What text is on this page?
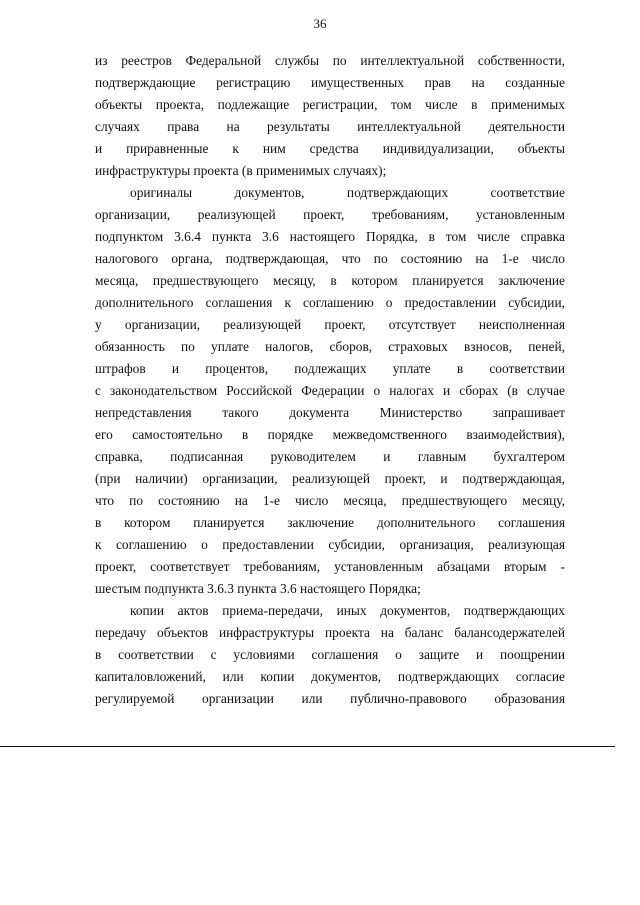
36
из реестров Федеральной службы по интеллектуальной собственности,
подтверждающие регистрацию имущественных прав на созданные
объекты проекта, подлежащие регистрации, том числе в применимых
случаях права на результаты интеллектуальной деятельности
и приравненные к ним средства индивидуализации, объекты
инфраструктуры проекта (в применимых случаях);
оригиналы документов, подтверждающих соответствие
организации, реализующей проект, требованиям, установленным
подпунктом 3.6.4 пункта 3.6 настоящего Порядка, в том числе справка
налогового органа, подтверждающая, что по состоянию на 1-е число
месяца, предшествующего месяцу, в котором планируется заключение
дополнительного соглашения к соглашению о предоставлении субсидии,
у организации, реализующей проект, отсутствует неисполненная
обязанность по уплате налогов, сборов, страховых взносов, пеней,
штрафов и процентов, подлежащих уплате в соответствии
с законодательством Российской Федерации о налогах и сборах (в случае
непредставления такого документа Министерство запрашивает
его самостоятельно в порядке межведомственного взаимодействия),
справка, подписанная руководителем и главным бухгалтером
(при наличии) организации, реализующей проект, и подтверждающая,
что по состоянию на 1-е число месяца, предшествующего месяцу,
в котором планируется заключение дополнительного соглашения
к соглашению о предоставлении субсидии, организация, реализующая
проект, соответствует требованиям, установленным абзацами вторым -
шестым подпункта 3.6.3 пункта 3.6 настоящего Порядка;
копии актов приема-передачи, иных документов, подтверждающих
передачу объектов инфраструктуры проекта на баланс балансодержателей
в соответствии с условиями соглашения о защите и поощрении
капиталовложений, или копии документов, подтверждающих согласие
регулируемой организации или публично-правового образования
